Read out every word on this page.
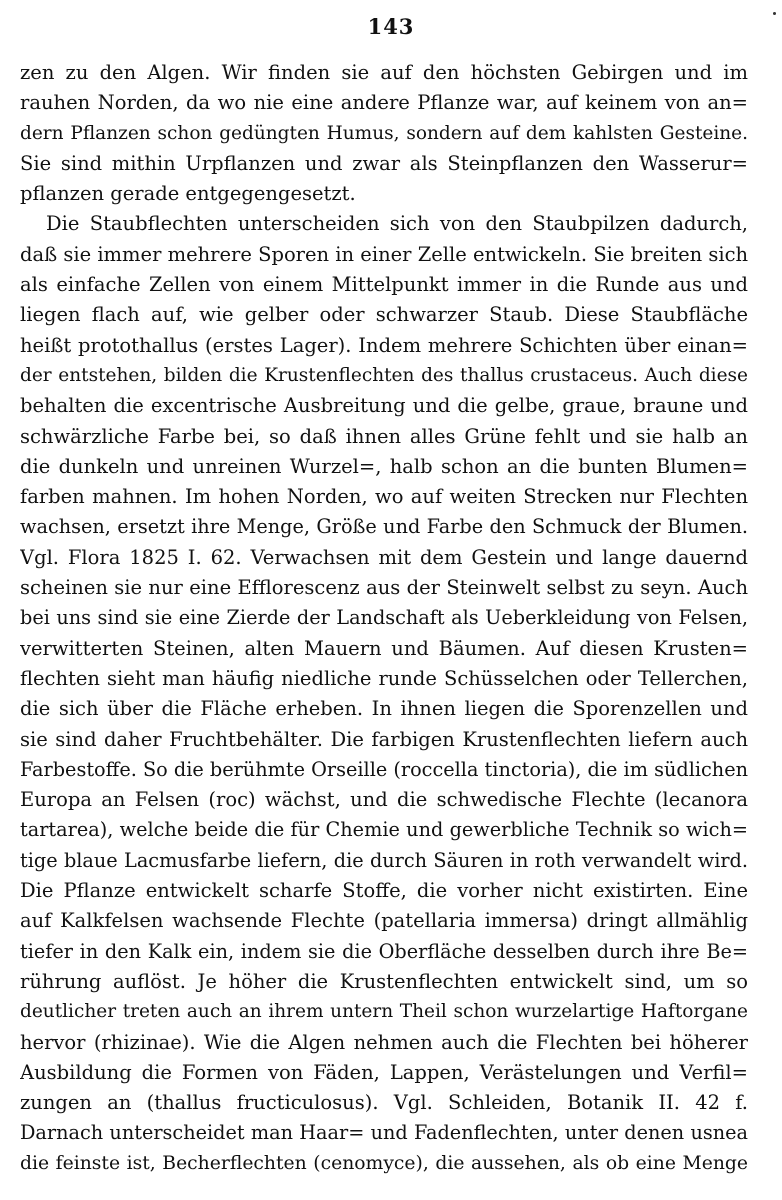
143
zen zu den Algen. Wir finden sie auf den höchsten Gebirgen und im
rauhen Norden, da wo nie eine andere Pflanze war, auf keinem von an=
dern Pflanzen schon gedüngten Humus, sondern auf dem kahlsten Gesteine.
Sie sind mithin Urpflanzen und zwar als Steinpflanzen den Wasserur=
pflanzen gerade entgegengesetzt.
Die Staubflechten unterscheiden sich von den Staubpilzen dadurch,
daß sie immer mehrere Sporen in einer Zelle entwickeln. Sie breiten sich
als einfache Zellen von einem Mittelpunkt immer in die Runde aus und
liegen flach auf, wie gelber oder schwarzer Staub. Diese Staubfläche
heißt protothallus (erstes Lager). Indem mehrere Schichten über einan=
der entstehen, bilden die Krustenflechten des thallus crustaceus. Auch diese
behalten die excentrische Ausbreitung und die gelbe, graue, braune und
schwärzliche Farbe bei, so daß ihnen alles Grüne fehlt und sie halb an
die dunkeln und unreinen Wurzel=, halb schon an die bunten Blumen=
farben mahnen. Im hohen Norden, wo auf weiten Strecken nur Flechten
wachsen, ersetzt ihre Menge, Größe und Farbe den Schmuck der Blumen.
Vgl. Flora 1825 I. 62. Verwachsen mit dem Gestein und lange dauernd
scheinen sie nur eine Efflorescenz aus der Steinwelt selbst zu seyn. Auch
bei uns sind sie eine Zierde der Landschaft als Ueberkleidung von Felsen,
verwitterten Steinen, alten Mauern und Bäumen. Auf diesen Krusten=
flechten sieht man häufig niedliche runde Schüsselchen oder Tellerchen,
die sich über die Fläche erheben. In ihnen liegen die Sporenzellen und
sie sind daher Fruchtbehälter. Die farbigen Krustenflechten liefern auch
Farbestoffe. So die berühmte Orseille (roccella tinctoria), die im südlichen
Europa an Felsen (roc) wächst, und die schwedische Flechte (lecanora
tartarea), welche beide die für Chemie und gewerbliche Technik so wich=
tige blaue Lacmusfarbe liefern, die durch Säuren in roth verwandelt wird.
Die Pflanze entwickelt scharfe Stoffe, die vorher nicht existirten. Eine
auf Kalkfelsen wachsende Flechte (patellaria immersa) dringt allmählig
tiefer in den Kalk ein, indem sie die Oberfläche desselben durch ihre Be=
rührung auflöst. Je höher die Krustenflechten entwickelt sind, um so
deutlicher treten auch an ihrem untern Theil schon wurzelartige Haftorgane
hervor (rhizinae). Wie die Algen nehmen auch die Flechten bei höherer
Ausbildung die Formen von Fäden, Lappen, Verästelungen und Verfil=
zungen an (thallus fructiculosus). Vgl. Schleiden, Botanik II. 42 f.
Darnach unterscheidet man Haar= und Fadenflechten, unter denen usnea
die feinste ist, Becherflechten (cenomyce), die aussehen, als ob eine Menge
